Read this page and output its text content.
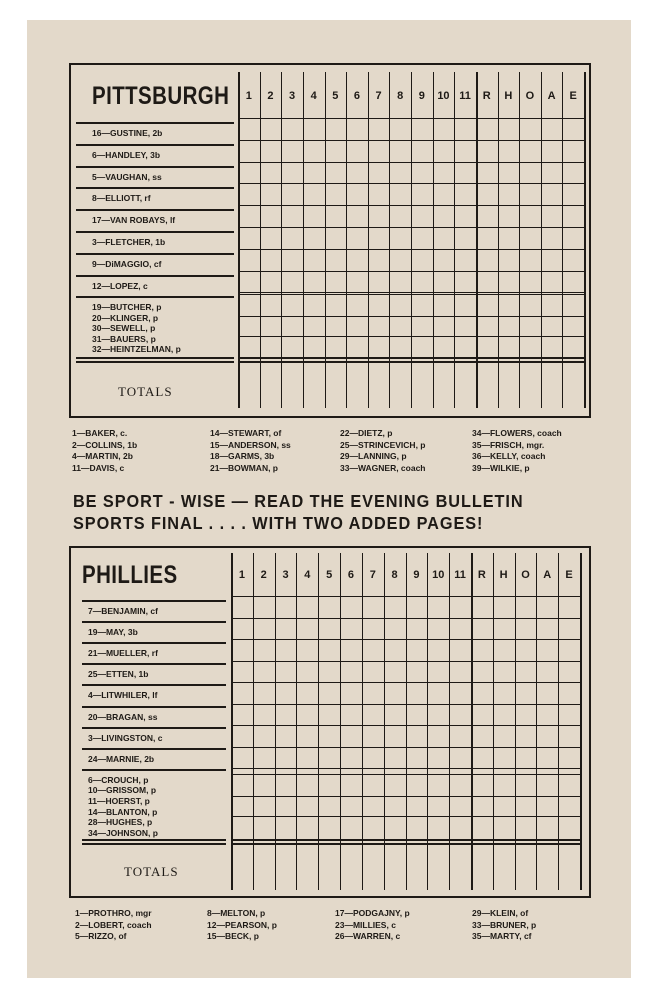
PITTSBURGH
16—GUSTINE, 2b
6—HANDLEY, 3b
5—VAUGHAN, ss
8—ELLIOTT, rf
17—VAN ROBAYS, lf
3—FLETCHER, 1b
9—DiMAGGIO, cf
12—LOPEZ, c
19—BUTCHER, p
20—KLINGER, p
30—SEWELL, p
31—BAUERS, p
32—HEINTZELMAN, p
TOTALS
1	2	3	4	5	6	7	8	9	10 11	R	H	O	A	E
1—BAKER, c.
2—COLLINS, 1b
4—MARTIN, 2b
11—DAVIS, c
14—STEWART, of
15—ANDERSON, ss
18—GARMS, 3b
21—BOWMAN, p
22—DIETZ, p
25—STRINCEVICH, p
29—LANNING, p
33—WAGNER, coach
34—FLOWERS, coach
35—FRISCH, mgr.
36—KELLY, coach
39—WILKIE, p
BE SPORT - WISE — READ THE EVENING BULLETIN
SPORTS FINAL . . . . WITH TWO ADDED PAGES!
PHILLIES
7—BENJAMIN, cf
19—MAY, 3b
21—MUELLER, rf
25—ETTEN, 1b
4—LITWHILER, lf
20—BRAGAN, ss
3—LIVINGSTON, c
24—MARNIE, 2b
6—CROUCH, p
10—GRISSOM, p
11—HOERST, p
14—BLANTON, p
28—HUGHES, p
34—JOHNSON, p
TOTALS
1	2	3	4	5	6	7	8	9	10 11	R	H	O	A	E
1—PROTHRO, mgr
2—LOBERT, coach
5—RIZZO, of
8—MELTON, p
12—PEARSON, p
15—BECK, p
17—PODGAJNY, p
23—MILLIES, c
26—WARREN, c
29—KLEIN, of
33—BRUNER, p
35—MARTY, cf
